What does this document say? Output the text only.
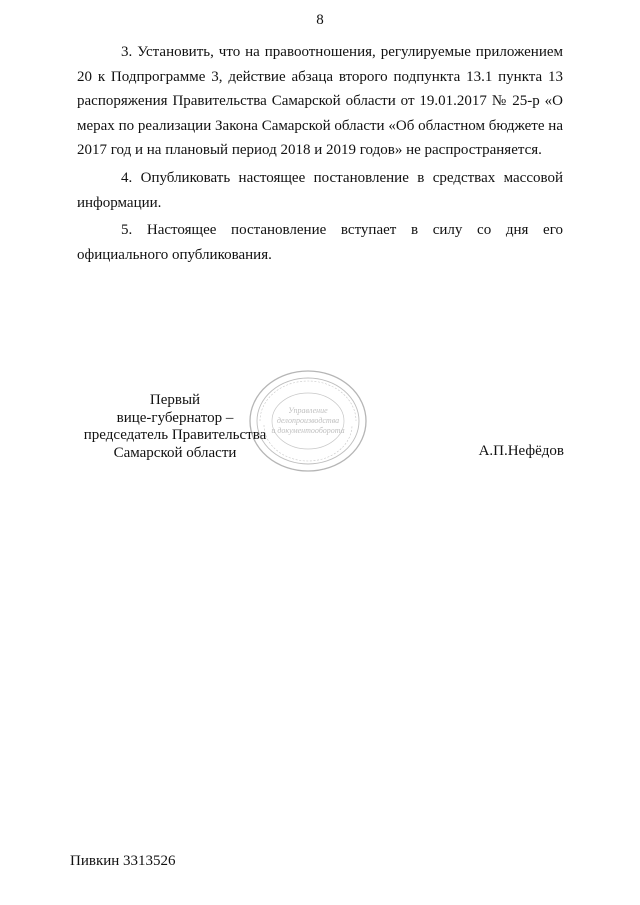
8

3. Установить, что на правоотношения, регулируемые приложением 20 к Подпрограмме 3, действие абзаца второго подпункта 13.1 пункта 13 распоряжения Правительства Самарской области от 19.01.2017 № 25-р «О мерах по реализации Закона Самарской области «Об областном бюджете на 2017 год и на плановый период 2018 и 2019 годов» не распространяется.

4. Опубликовать настоящее постановление в средствах массовой информации.

5. Настоящее постановление вступает в силу со дня его официального опубликования.

Первый
вице-губернатор –
председатель Правительства
Самарской области
Управление
делопроизводства
и документооборота
А.П.Нефёдов
Пивкин 3313526
